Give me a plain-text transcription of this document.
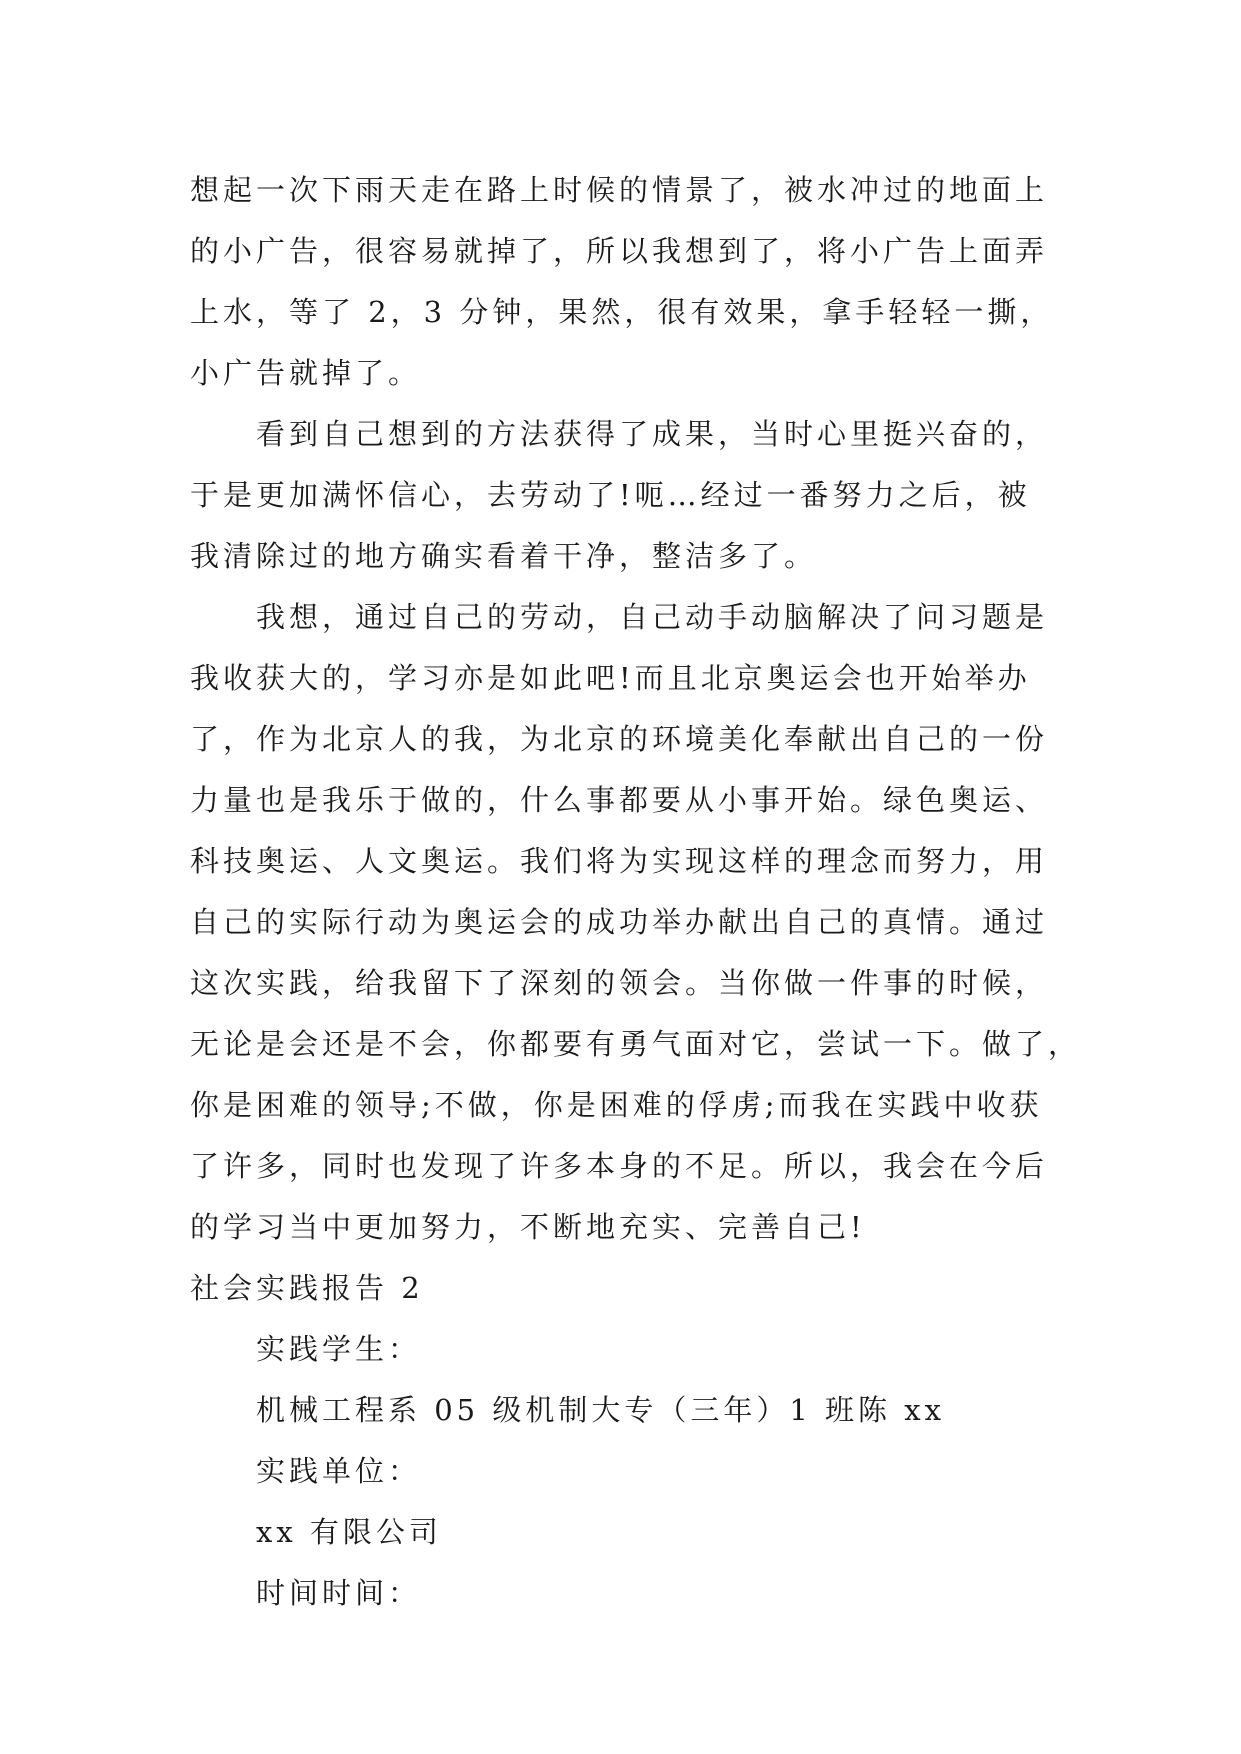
想起一次下雨天走在路上时候的情景了，被水冲过的地面上
的小广告，很容易就掉了，所以我想到了，将小广告上面弄
上水，等了 2，3 分钟，果然，很有效果，拿手轻轻一撕，
小广告就掉了。
看到自己想到的方法获得了成果，当时心里挺兴奋的，
于是更加满怀信心，去劳动了!呃…经过一番努力之后，被
我清除过的地方确实看着干净，整洁多了。
我想，通过自己的劳动，自己动手动脑解决了问习题是
我收获大的，学习亦是如此吧!而且北京奥运会也开始举办
了，作为北京人的我，为北京的环境美化奉献出自己的一份
力量也是我乐于做的，什么事都要从小事开始。绿色奥运、
科技奥运、人文奥运。我们将为实现这样的理念而努力，用
自己的实际行动为奥运会的成功举办献出自己的真情。通过
这次实践，给我留下了深刻的领会。当你做一件事的时候，
无论是会还是不会，你都要有勇气面对它，尝试一下。做了，
你是困难的领导;不做，你是困难的俘虏;而我在实践中收获
了许多，同时也发现了许多本身的不足。所以，我会在今后
的学习当中更加努力，不断地充实、完善自己!
社会实践报告 2
实践学生：
机械工程系 05 级机制大专（三年）1 班陈 xx
实践单位：
xx 有限公司
时间时间：
